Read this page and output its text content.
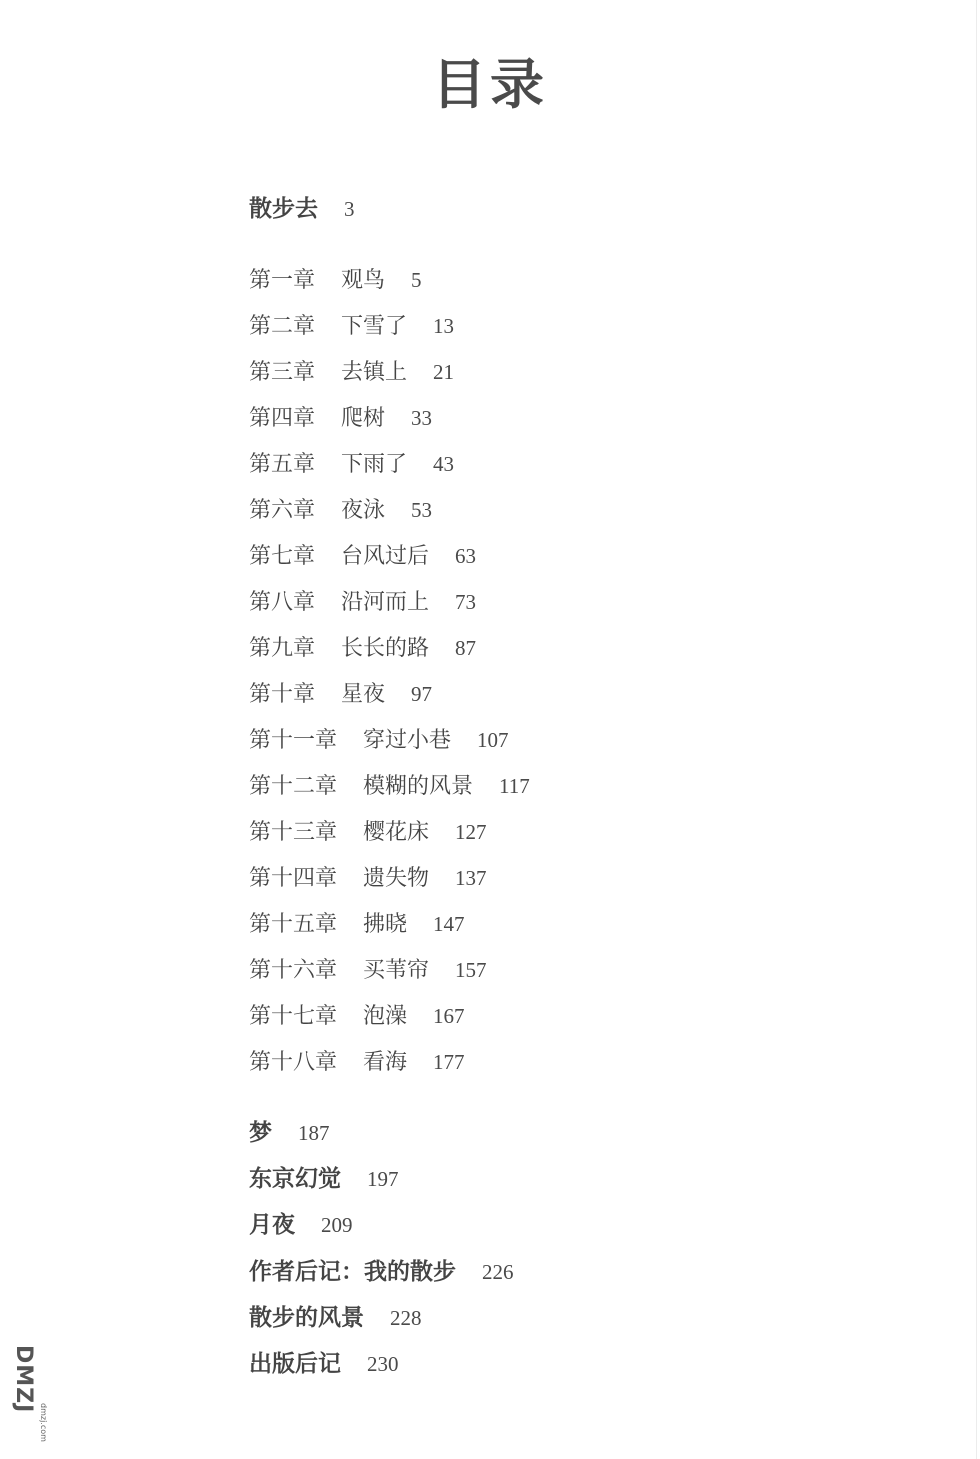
目录
散步去 3
第一章 观鸟 5
第二章 下雪了 13
第三章 去镇上 21
第四章 爬树 33
第五章 下雨了 43
第六章 夜泳 53
第七章 台风过后 63
第八章 沿河而上 73
第九章 长长的路 87
第十章 星夜 97
第十一章 穿过小巷 107
第十二章 模糊的风景 117
第十三章 樱花床 127
第十四章 遗失物 137
第十五章 拂晓 147
第十六章 买苇帘 157
第十七章 泡澡 167
第十八章 看海 177
梦 187
东京幻觉 197
月夜 209
作者后记：我的散步 226
散步的风景 228
出版后记 230
DMZJ
dmzj.com
